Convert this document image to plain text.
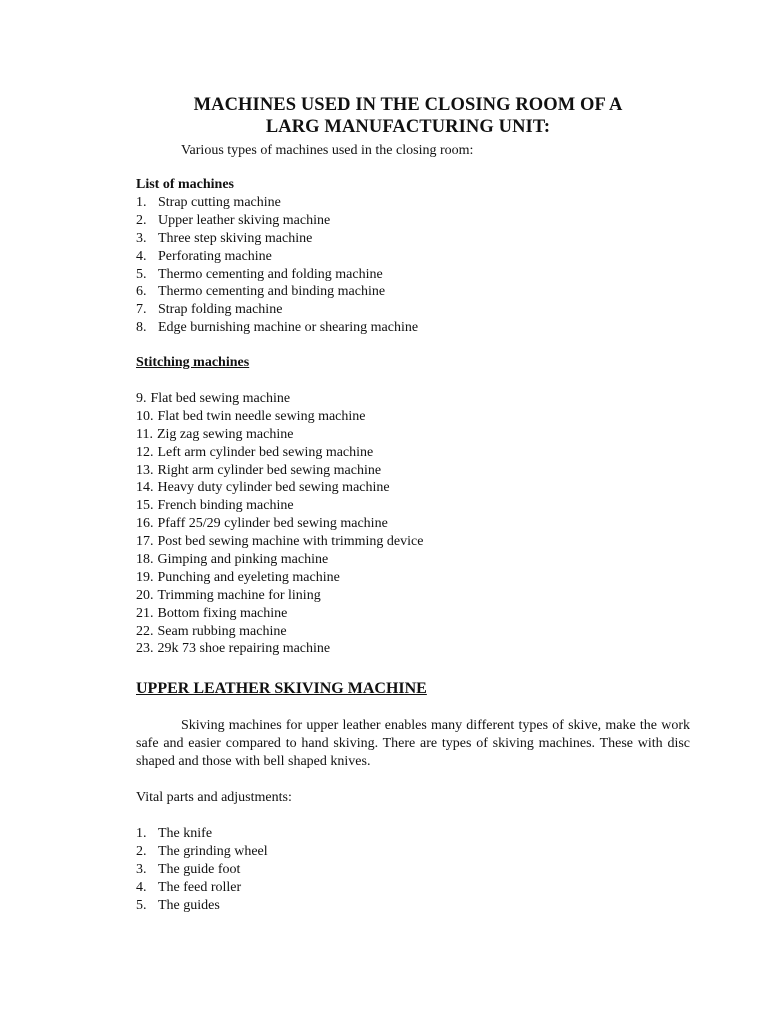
MACHINES USED IN THE CLOSING ROOM OF A
LARG MANUFACTURING UNIT:
Various types of machines used in the closing room:
List of machines
1. Strap cutting machine
2. Upper leather skiving machine
3. Three step skiving machine
4. Perforating machine
5. Thermo cementing and folding machine
6. Thermo cementing and binding machine
7. Strap folding machine
8. Edge burnishing machine or shearing machine
Stitching machines
9. Flat bed sewing machine
10. Flat bed twin needle sewing machine
11. Zig zag sewing machine
12. Left arm cylinder bed sewing machine
13. Right arm cylinder bed sewing machine
14. Heavy duty cylinder bed sewing machine
15. French binding machine
16. Pfaff 25/29 cylinder bed sewing machine
17. Post bed sewing machine with trimming device
18. Gimping and pinking machine
19. Punching and eyeleting machine
20. Trimming machine for lining
21. Bottom fixing machine
22. Seam rubbing machine
23. 29k 73 shoe repairing machine
UPPER LEATHER SKIVING MACHINE
Skiving machines for upper leather enables many different types of skive, make the work safe and easier compared to hand skiving. There are types of skiving machines. These with disc shaped and those with bell shaped knives.
Vital parts and adjustments:
1. The knife
2. The grinding wheel
3. The guide foot
4. The feed roller
5. The guides
